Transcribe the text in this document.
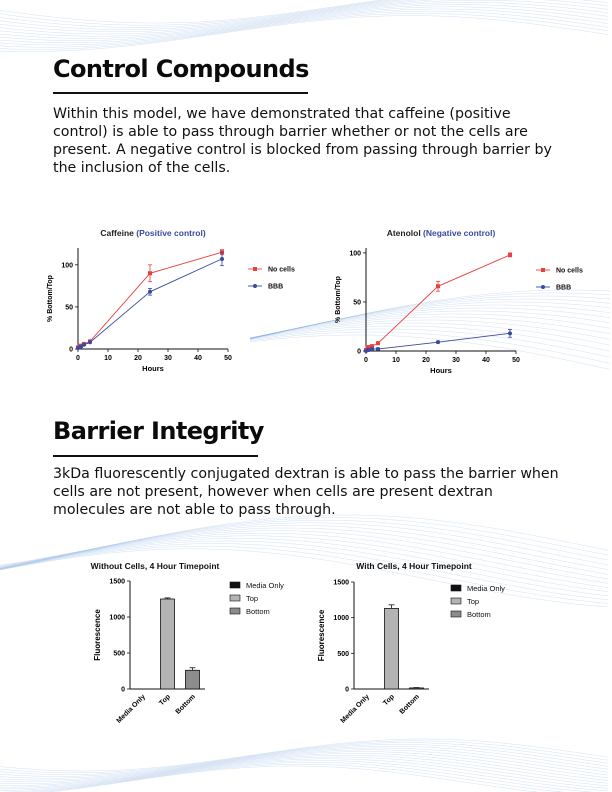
Control Compounds

Within this model, we have demonstrated that caffeine (positive control) is able to pass through barrier whether or not the cells are present. A negative control is blocked from passing through barrier by the inclusion of the cells.

Caffeine (Positive control)
0	10	20	30	40	50
0
50
100
Hours
% Bottom/Top
No cells
BBB
Atenolol (Negative control)
0	10	20	30	40	50
0
50
100
Hours
% Bottom/Top
No cells
BBB
Barrier Integrity

3kDa fluorescently conjugated dextran is able to pass the barrier when cells are not present, however when cells are present dextran molecules are not able to pass through.

Without Cells, 4 Hour Timepoint
0
500
1000
1500
Fluorescence
Media Only Top Bottom
Media Only
Top
Bottom
With Cells, 4 Hour Timepoint
0
500
1000
1500
Fluorescence
Media Only Top Bottom
Media Only
Top
Bottom
